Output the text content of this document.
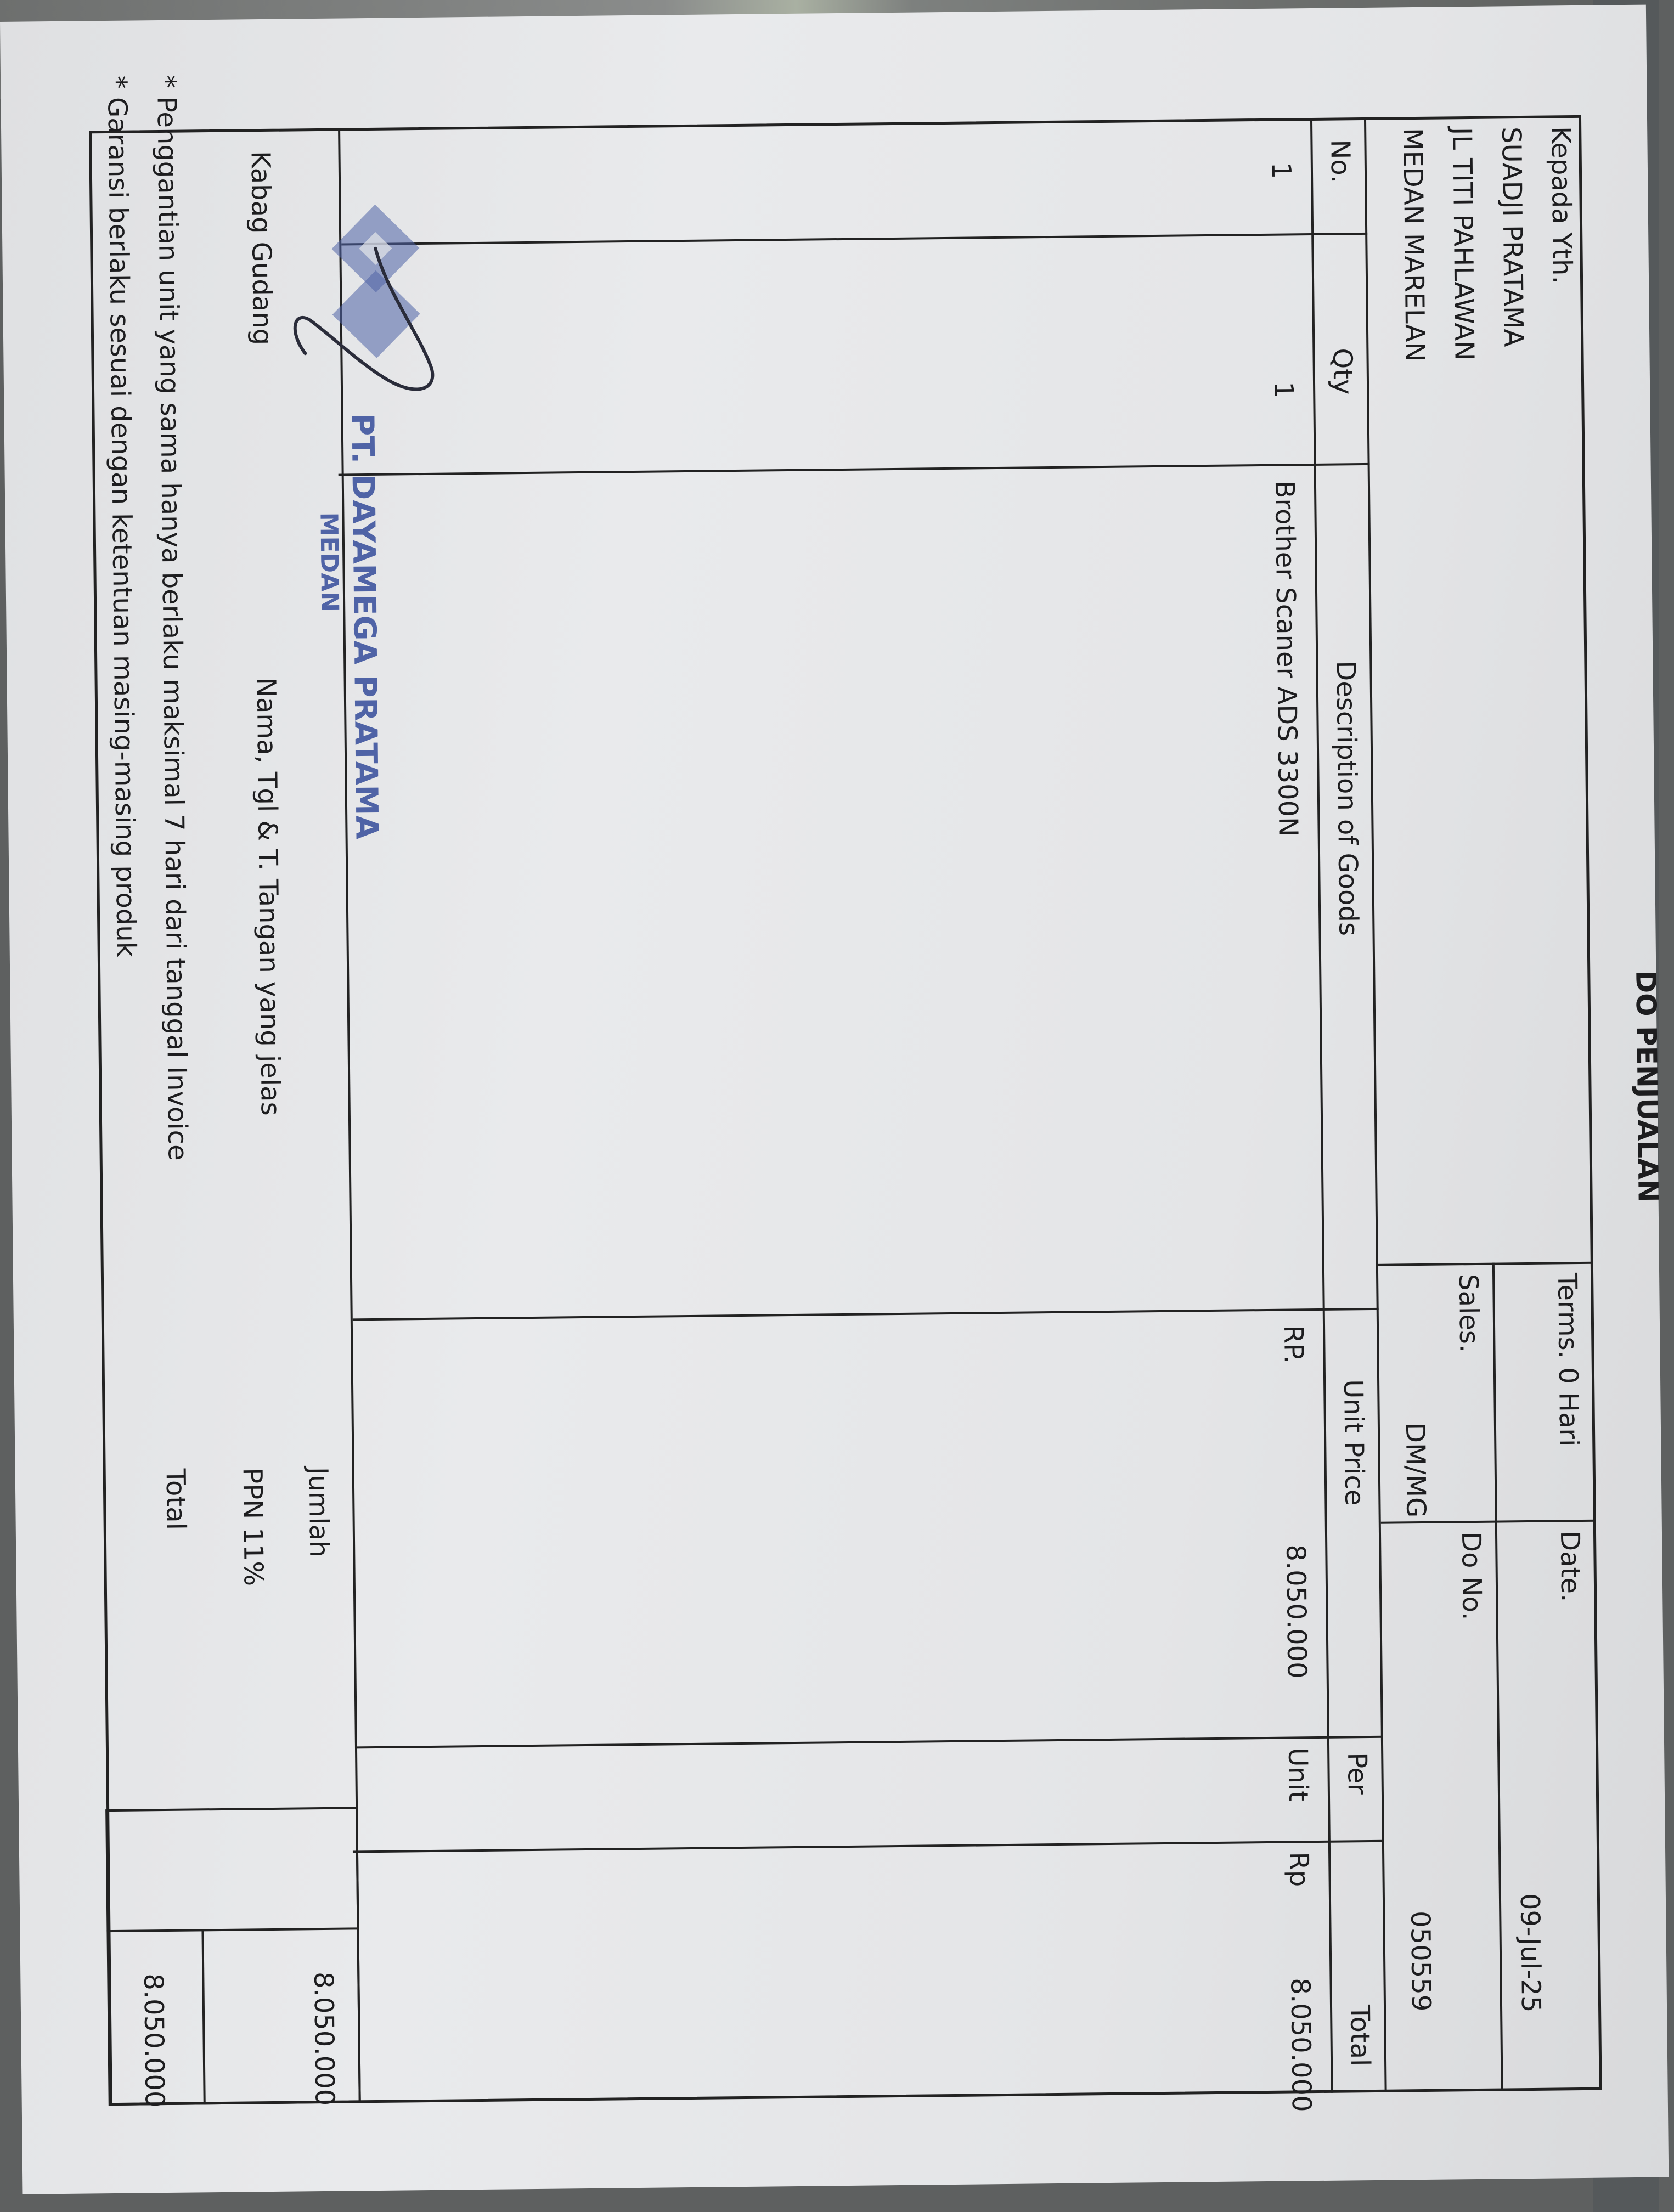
DO PENJUALAN
Kepada Yth.
SUADJI PRATAMA
JL TITI PAHLAWAN
MEDAN MARELAN
Terms. 0 Hari
Sales.
DM/MG
Date.
09-Jul-25
Do No.
050559
No.
Qty
Description of Goods
Unit Price
Per
Total
1
1
Brother Scaner ADS 3300N
RP.
8.050.000
Unit
Rp
8.050.000
Jumlah
8.050.000
PPN 11%
Total
8.050.000
PT. DAYAMEGA PRATAMA
MEDAN
Kabag Gudang
Nama, Tgl & T. Tangan yang jelas
* Penggantian unit yang sama hanya berlaku maksimal 7 hari dari tanggal Invoice
* Garansi berlaku sesuai dengan ketentuan masing-masing produk
